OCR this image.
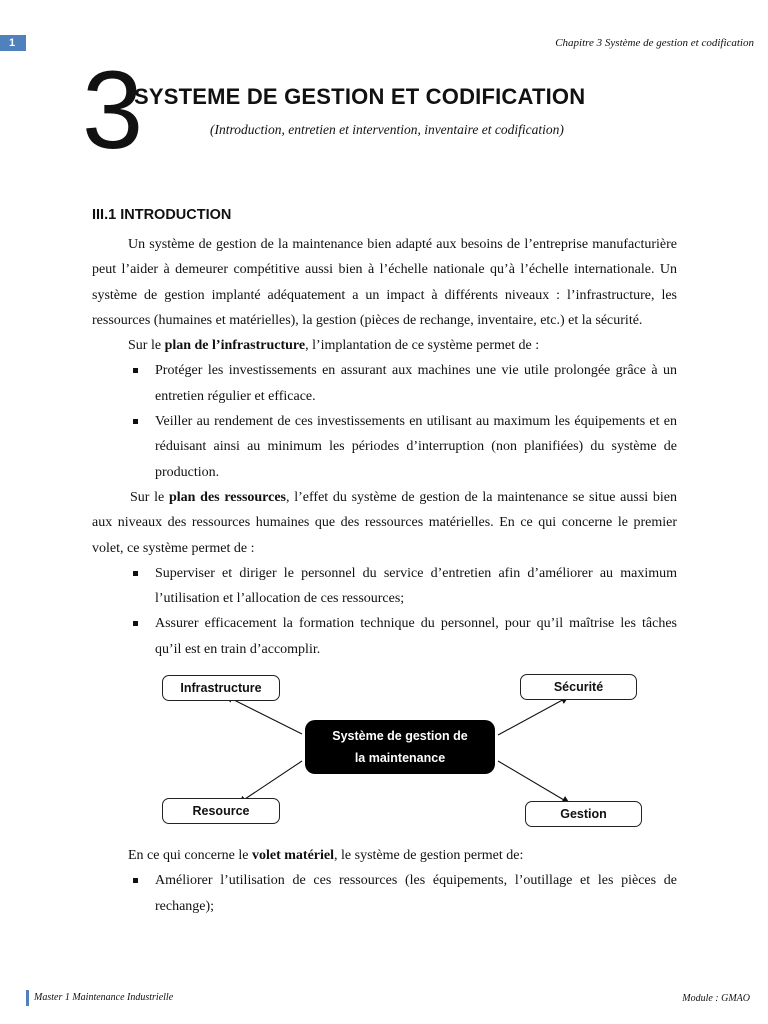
1	Chapitre 3 Système de gestion et codification
3
SYSTEME DE GESTION ET CODIFICATION
(Introduction, entretien et intervention, inventaire et codification)
III.1 INTRODUCTION

Un système de gestion de la maintenance bien adapté aux besoins de l’entreprise manufacturière peut l’aider à demeurer compétitive aussi bien à l’échelle nationale qu’à l’échelle internationale. Un système de gestion implanté adéquatement a un impact à différents niveaux : l’infrastructure, les ressources (humaines et matérielles), la gestion (pièces de rechange, inventaire, etc.) et la sécurité.

Sur le plan de l’infrastructure, l’implantation de ce système permet de :

Protéger les investissements en assurant aux machines une vie utile prolongée grâce à un entretien régulier et efficace.
Veiller au rendement de ces investissements en utilisant au maximum les équipements et en réduisant ainsi au minimum les périodes d’interruption (non planifiées) du système de production.

Sur le plan des ressources, l’effet du système de gestion de la maintenance se situe aussi bien aux niveaux des ressources humaines que des ressources matérielles. En ce qui concerne le premier volet, ce système permet de :

Superviser et diriger le personnel du service d’entretien afin d’améliorer au maximum l’utilisation et l’allocation de ces ressources;
Assurer efficacement la formation technique du personnel, pour qu’il maîtrise les tâches qu’il est en train d’accomplir.
Infrastructure	Sécurité
Resource	Gestion
Système de gestion de
la maintenance

En ce qui concerne le volet matériel, le système de gestion permet de:

Améliorer l’utilisation de ces ressources (les équipements, l’outillage et les pièces de rechange);
Master 1 Maintenance Industrielle	Module : GMAO
